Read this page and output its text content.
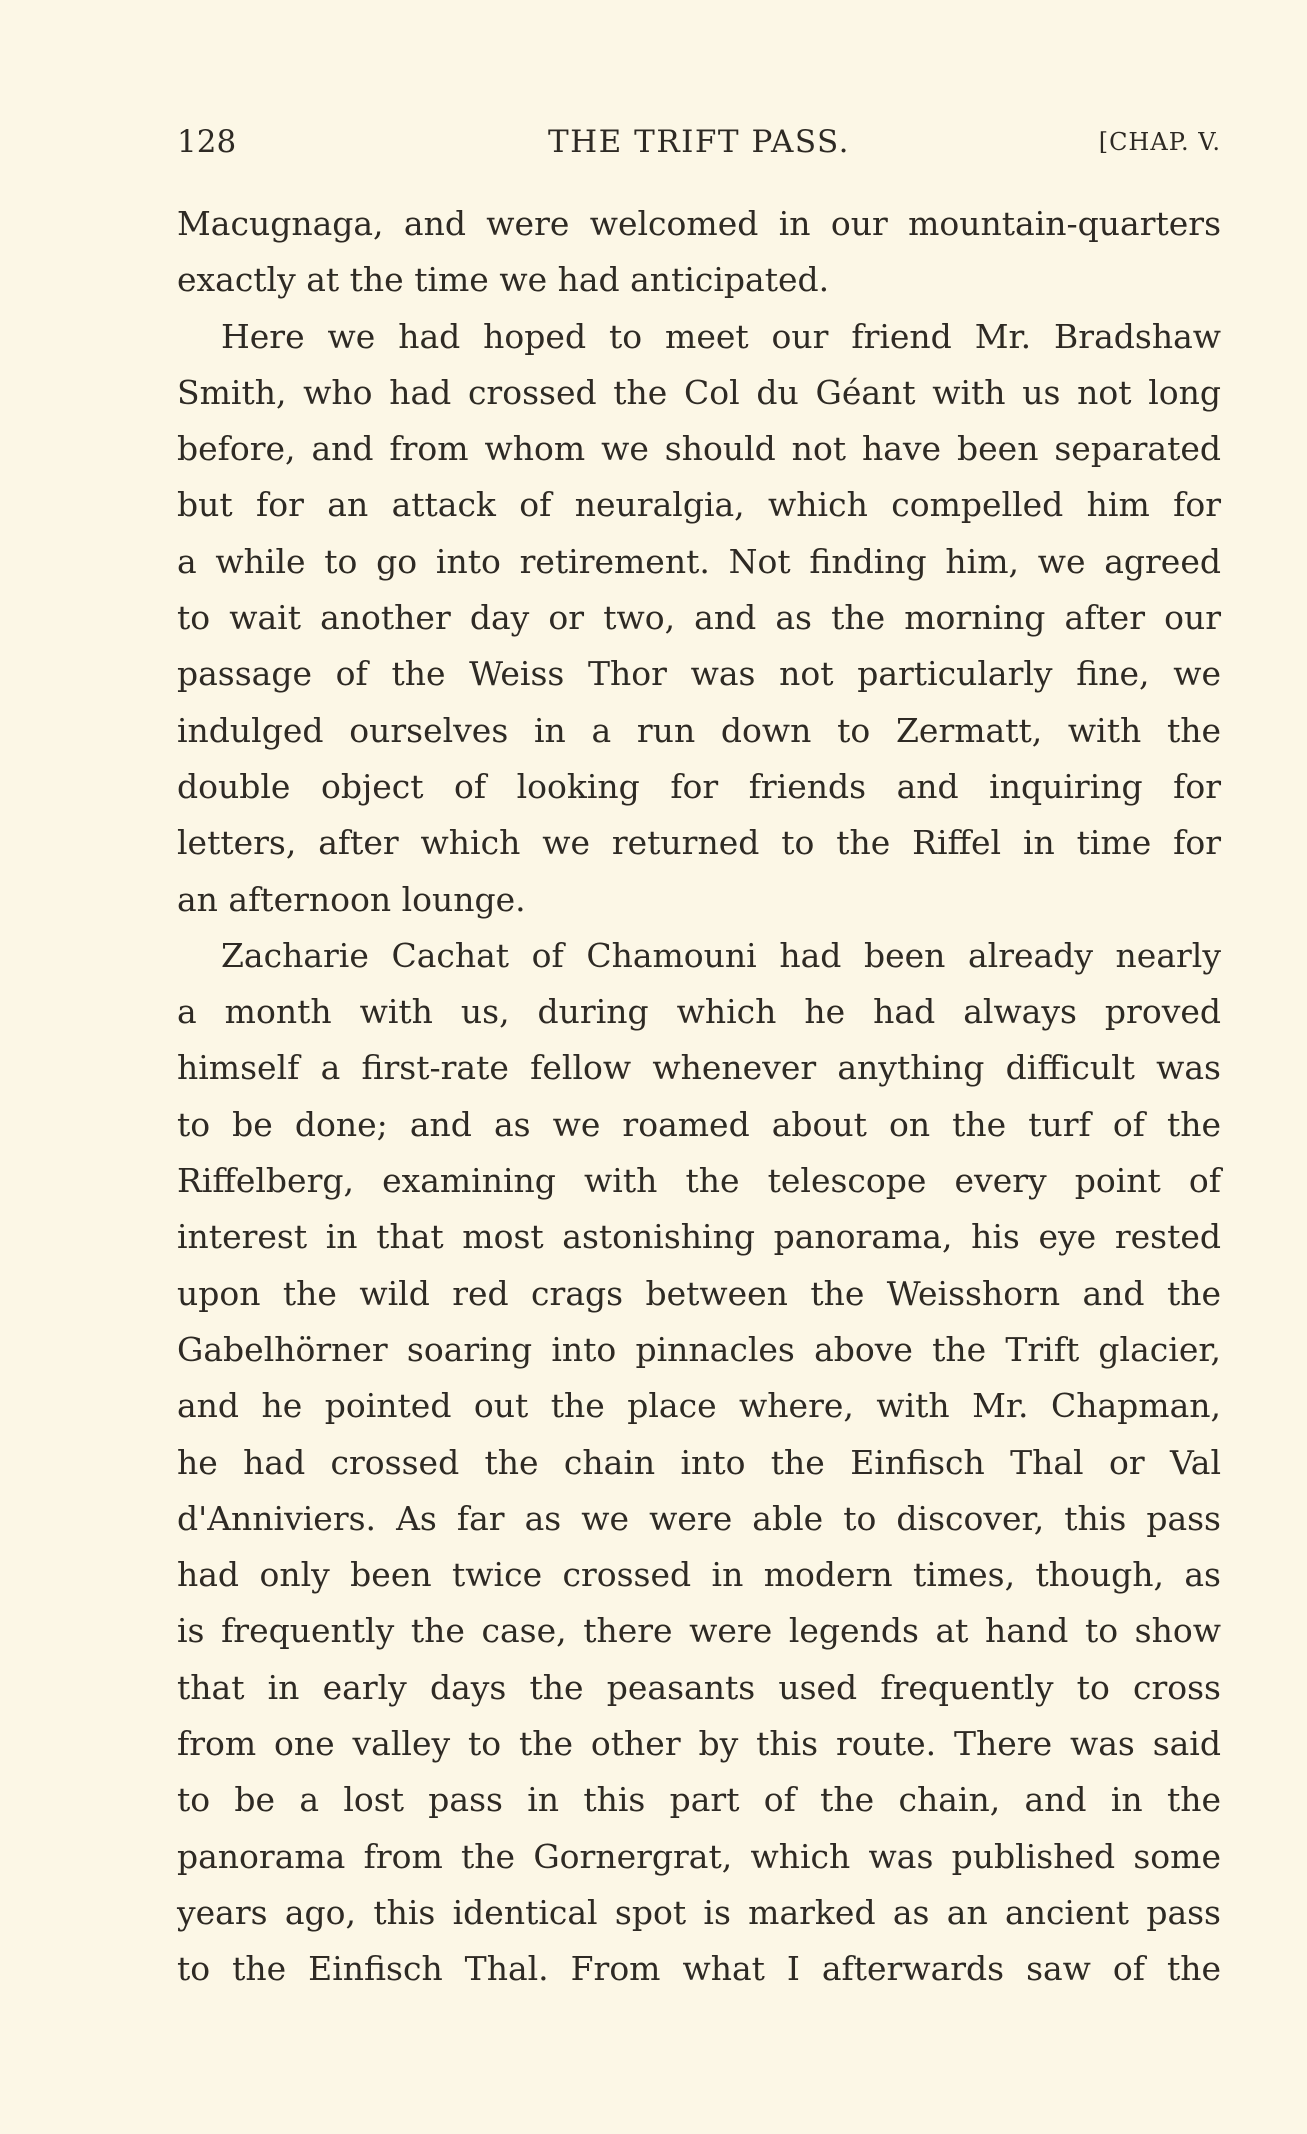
128	THE TRIFT PASS.	[CHAP. V.
Macugnaga, and were welcomed in our mountain-quarters
exactly at the time we had anticipated.
Here we had hoped to meet our friend Mr. Bradshaw
Smith, who had crossed the Col du Géant with us not long
before, and from whom we should not have been separated
but for an attack of neuralgia, which compelled him for
a while to go into retirement. Not finding him, we agreed
to wait another day or two, and as the morning after our
passage of the Weiss Thor was not particularly fine, we
indulged ourselves in a run down to Zermatt, with the
double object of looking for friends and inquiring for
letters, after which we returned to the Riffel in time for
an afternoon lounge.
Zacharie Cachat of Chamouni had been already nearly
a month with us, during which he had always proved
himself a first-rate fellow whenever anything difficult was
to be done; and as we roamed about on the turf of the
Riffelberg, examining with the telescope every point of
interest in that most astonishing panorama, his eye rested
upon the wild red crags between the Weisshorn and the
Gabelhörner soaring into pinnacles above the Trift glacier,
and he pointed out the place where, with Mr. Chapman,
he had crossed the chain into the Einfisch Thal or Val
d'Anniviers. As far as we were able to discover, this pass
had only been twice crossed in modern times, though, as
is frequently the case, there were legends at hand to show
that in early days the peasants used frequently to cross
from one valley to the other by this route. There was said
to be a lost pass in this part of the chain, and in the
panorama from the Gornergrat, which was published some
years ago, this identical spot is marked as an ancient pass
to the Einfisch Thal. From what I afterwards saw of the
